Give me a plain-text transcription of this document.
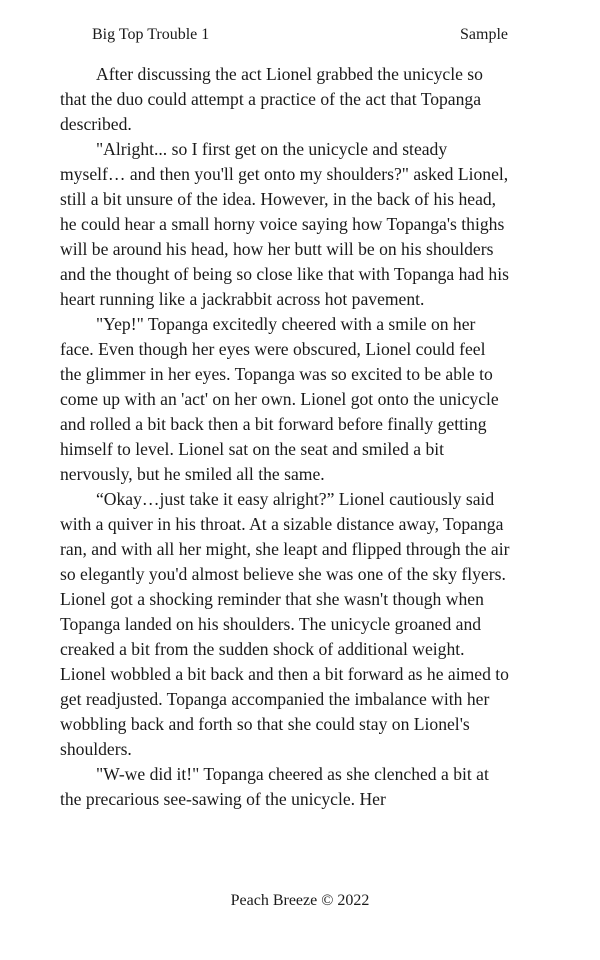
Big Top Trouble 1	Sample

After discussing the act Lionel grabbed the unicycle so that the duo could attempt a practice of the act that Topanga described.

"Alright... so I first get on the unicycle and steady myself… and then you'll get onto my shoulders?" asked Lionel, still a bit unsure of the idea. However, in the back of his head, he could hear a small horny voice saying how Topanga's thighs will be around his head, how her butt will be on his shoulders and the thought of being so close like that with Topanga had his heart running like a jackrabbit across hot pavement.

"Yep!" Topanga excitedly cheered with a smile on her face. Even though her eyes were obscured, Lionel could feel the glimmer in her eyes. Topanga was so excited to be able to come up with an 'act' on her own. Lionel got onto the unicycle and rolled a bit back then a bit forward before finally getting himself to level. Lionel sat on the seat and smiled a bit nervously, but he smiled all the same.

“Okay…just take it easy alright?” Lionel cautiously said with a quiver in his throat. At a sizable distance away, Topanga ran, and with all her might, she leapt and flipped through the air so elegantly you'd almost believe she was one of the sky flyers. Lionel got a shocking reminder that she wasn't though when Topanga landed on his shoulders. The unicycle groaned and creaked a bit from the sudden shock of additional weight. Lionel wobbled a bit back and then a bit forward as he aimed to get readjusted. Topanga accompanied the imbalance with her wobbling back and forth so that she could stay on Lionel's shoulders.

"W-we did it!" Topanga cheered as she clenched a bit at the precarious see-sawing of the unicycle. Her

Peach Breeze © 2022
